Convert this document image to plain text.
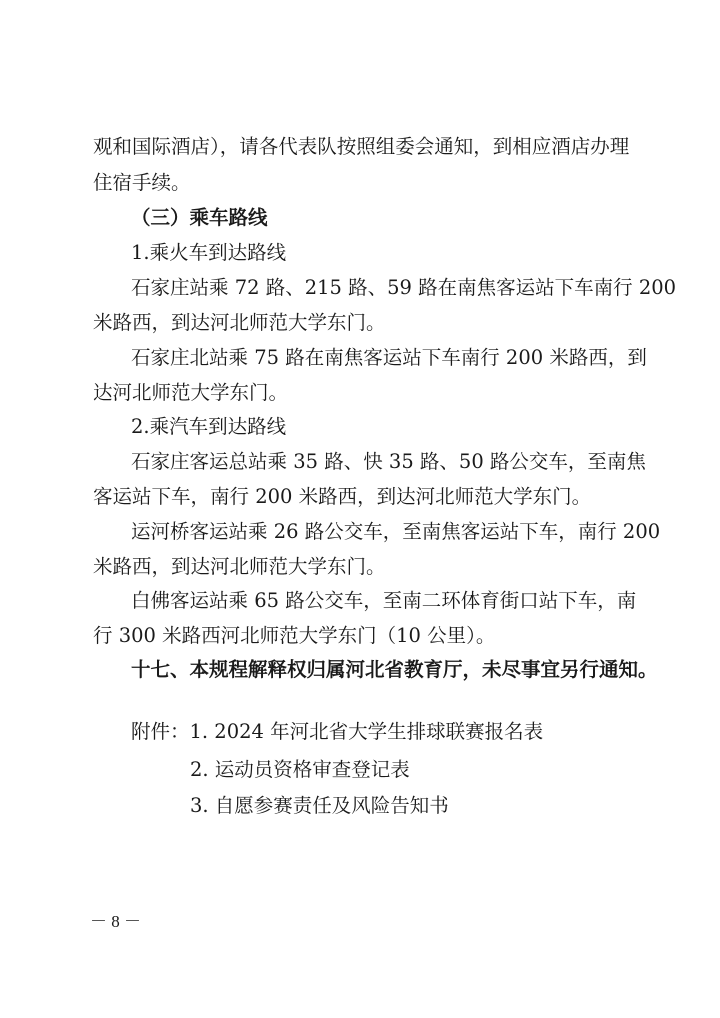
观和国际酒店），请各代表队按照组委会通知，到相应酒店办理
住宿手续。
（三）乘车路线
1.乘火车到达路线
石家庄站乘 72 路、215 路、59 路在南焦客运站下车南行 200
米路西，到达河北师范大学东门。
石家庄北站乘 75 路在南焦客运站下车南行 200 米路西，到
达河北师范大学东门。
2.乘汽车到达路线
石家庄客运总站乘 35 路、快 35 路、50 路公交车，至南焦
客运站下车，南行 200 米路西，到达河北师范大学东门。
运河桥客运站乘 26 路公交车，至南焦客运站下车，南行 200
米路西，到达河北师范大学东门。
白佛客运站乘 65 路公交车，至南二环体育街口站下车，南
行 300 米路西河北师范大学东门（10 公里）。
十七、本规程解释权归属河北省教育厅，未尽事宜另行通知。
附件：1. 2024 年河北省大学生排球联赛报名表
2. 运动员资格审查登记表
3. 自愿参赛责任及风险告知书
－ 8 －
